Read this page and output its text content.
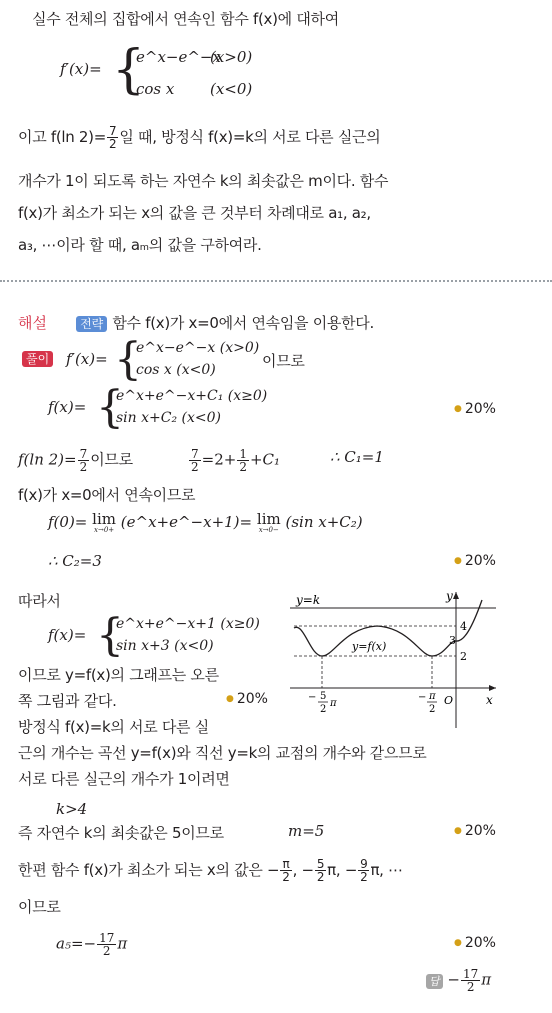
실수 전체의 집합에서 연속인 함수 f(x)에 대하여
f′(x)= {
e^x−e^−x
(x>0)
cos x (x<0)
이고 f(ln $2)= \frac{7}{2}$ 일 때, 방정식 f(x)=k의 서로 다른 실근의
개수가 1이 되도록 하는 자연수 k의 최솟값은 m이다. 함수
f(x)가 최소가 되는 x의 값을 큰 것부터 차례대로 a₁, a₂,
a₃, ⋯이라 할 때, aₘ의 값을 구하여라.
해설	전략 함수 f(x)가 x=0에서 연속임을 이용한다.
풀이 f′(x)= {
e^x−e^−x (x>0)
cos x (x<0)	이므로
f(x)= {
e^x+e^−x+C₁ (x≥0)
sin x+C₂ (x<0)
● 20%
f(ln $2)= \frac{7}{2}$ 이므로	$\frac{7}{2} =2+ \frac{1}{2} +C_1$	∴ C₁=1
f(x)가 x=0에서 연속이므로
f(0)= lim
x→0+ (e^x+e^−x+1)= lim
x→0− (sin x+C₂)
∴ C₂=3	● 20%
따라서
f(x)= {
e^x+e^−x+1 (x≥0)
sin x+3 (x<0)
이므로 y=f(x)의 그래프는 오른
쪽 그림과 같다.	● 20%
방정식 f(x)=k의 서로 다른 실
근의 개수는 곡선 y=f(x)와 직선 y=k의 교점의 개수와 같으므로
서로 다른 실근의 개수가 1이려면
k>4
즉 자연수 k의 최솟값은 5이므로	m=5	● 20%
한편 함수 f(x)가 최소가 되는 x의 값은 − $\frac{\pi}{2}$ , − $\frac{5}{2} \pi$, − $\frac{9}{2} \pi$, ⋯
이므로
$a_5=- \frac{17}{2}$ π	● 20%
답 − $\frac{17}{2}$ π
y=k	y
x
4
3
2
O
y=f(x)
− 5
2
π
− π
2
